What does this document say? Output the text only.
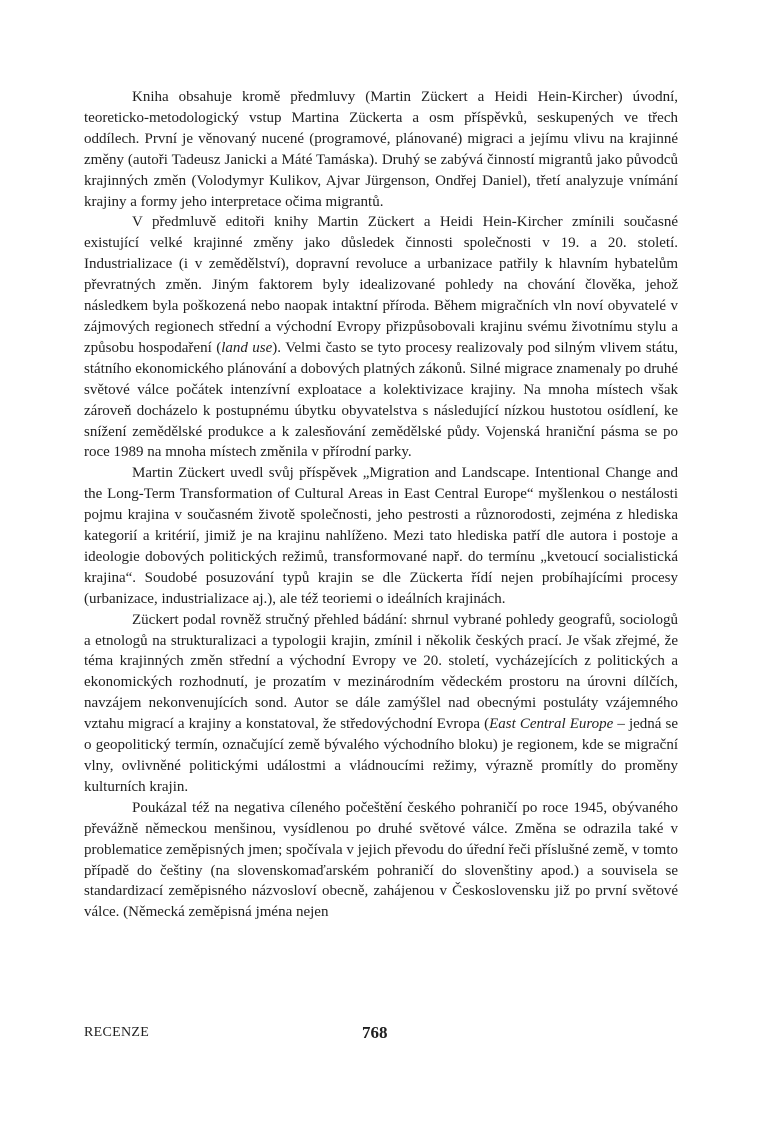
Kniha obsahuje kromě předmluvy (Martin Zückert a Heidi Hein-Kircher) úvodní, teoreticko-metodologický vstup Martina Zückerta a osm příspěvků, seskupených ve třech oddílech. První je věnovaný nucené (programové, plánované) migraci a jejímu vlivu na krajinné změny (autoři Tadeusz Janicki a Máté Tamáska). Druhý se zabývá činností migrantů jako původců krajinných změn (Volodymyr Kulikov, Ajvar Jürgenson, Ondřej Daniel), třetí analyzuje vnímání krajiny a formy jeho interpretace očima migrantů.

V předmluvě editoři knihy Martin Zückert a Heidi Hein-Kircher zmínili současné existující velké krajinné změny jako důsledek činnosti společnosti v 19. a 20. století. Industrializace (i v zemědělství), dopravní revoluce a urbanizace patřily k hlavním hybatelům převratných změn. Jiným faktorem byly idealizované pohledy na chování člověka, jehož následkem byla poškozená nebo naopak intaktní příroda. Během migračních vln noví obyvatelé v zájmových regionech střední a východní Evropy přizpůsobovali krajinu svému životnímu stylu a způsobu hospodaření (land use). Velmi často se tyto procesy realizovaly pod silným vlivem státu, státního ekonomického plánování a dobových platných zákonů. Silné migrace znamenaly po druhé světové válce počátek intenzívní exploatace a kolektivizace krajiny. Na mnoha místech však zároveň docházelo k postupnému úbytku obyvatelstva s následující nízkou hustotou osídlení, ke snížení zemědělské produkce a k zalesňování zemědělské půdy. Vojenská hraniční pásma se po roce 1989 na mnoha místech změnila v přírodní parky.

Martin Zückert uvedl svůj příspěvek „Migration and Landscape. Intentional Change and the Long-Term Transformation of Cultural Areas in East Central Europe“ myšlenkou o nestálosti pojmu krajina v současném životě společnosti, jeho pestrosti a různorodosti, zejména z hlediska kategorií a kritérií, jimiž je na krajinu nahlíženo. Mezi tato hlediska patří dle autora i postoje a ideologie dobových politických režimů, transformované např. do termínu „kvetoucí socialistická krajina“. Soudobé posuzování typů krajin se dle Zückerta řídí nejen probíhajícími procesy (urbanizace, industrializace aj.), ale též teoriemi o ideálních krajinách.

Zückert podal rovněž stručný přehled bádání: shrnul vybrané pohledy geografů, sociologů a etnologů na strukturalizaci a typologii krajin, zmínil i několik českých prací. Je však zřejmé, že téma krajinných změn střední a východní Evropy ve 20. století, vycházejících z politických a ekonomických rozhodnutí, je prozatím v mezinárodním vědeckém prostoru na úrovni dílčích, navzájem nekonvenujících sond. Autor se dále zamýšlel nad obecnými postuláty vzájemného vztahu migrací a krajiny a konstatoval, že středovýchodní Evropa (East Central Europe – jedná se o geopolitický termín, označující země bývalého východního bloku) je regionem, kde se migrační vlny, ovlivněné politickými událostmi a vládnoucími režimy, výrazně promítly do proměny kulturních krajin.

Poukázal též na negativa cíleného počeštění českého pohraničí po roce 1945, obývaného převážně německou menšinou, vysídlenou po druhé světové válce. Změna se odrazila také v problematice zeměpisných jmen; spočívala v jejich převodu do úřední řeči příslušné země, v tomto případě do češtiny (na slovenskomaďarském pohraničí do slovenštiny apod.) a souvisela se standardizací zeměpisného názvosloví obecně, zahájenou v Československu již po první světové válce. (Německá zeměpisná jména nejen

RECENZE	768
